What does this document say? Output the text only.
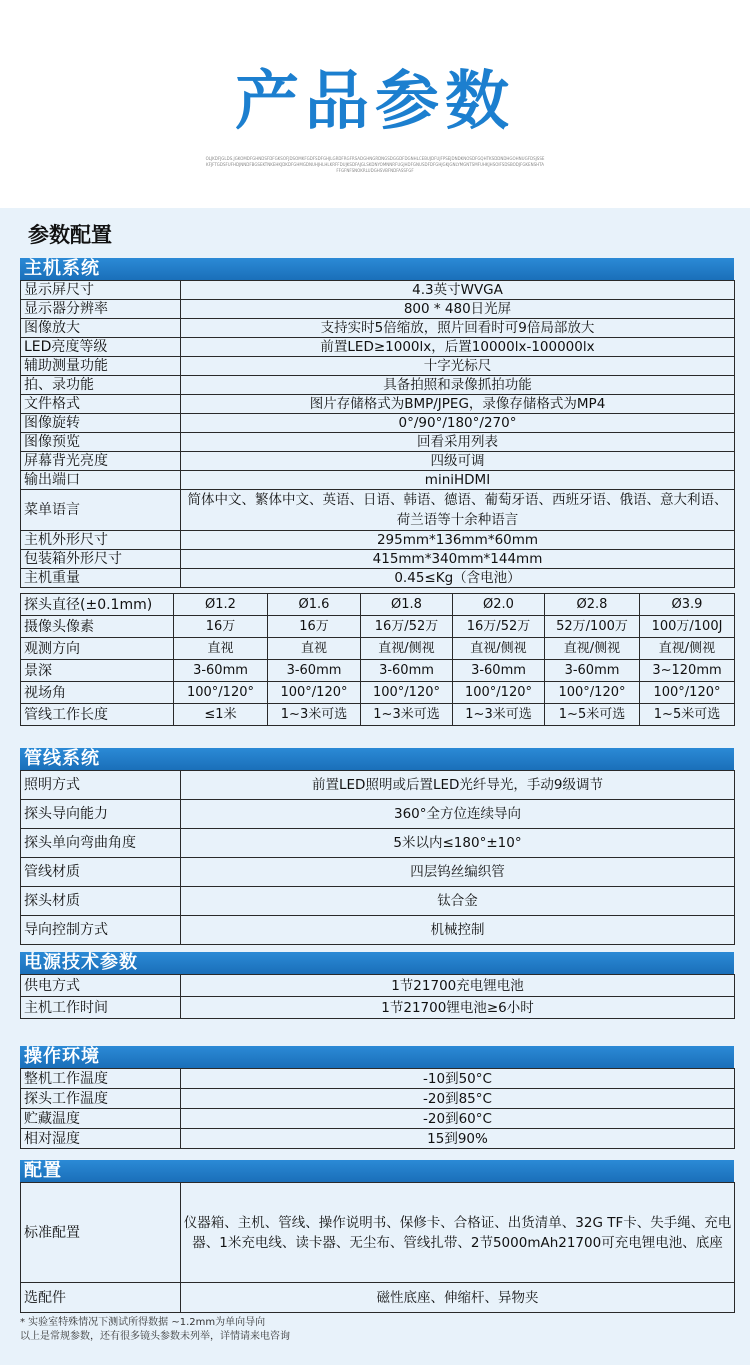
产品参数
OLJKDFJGLDS.JGKOMDFGHNDSFDFGKSOFJDSOMKFGDFSDFGHJLGRDFRGFRSADGHNGRDNGSDGGDFDGNHLCEBUJDFUJFPSEJDNDKNOSDFGQHTKSDDNDHGOHNUGFDSJSSEKFJFTGDSFUFHDJNNDFBGSEKTNKEHKJDKDFGHMGDNUHJHLHLKRFFDUJKSDFAJGLSKDNYOMNNRFUGJHDFGNUSDFDFGHJGKJGNLYMGNTSMFUHKJHSOIFSDSBODJFGKENSHTAFFGFNFSNOKRLUDGHSVBFNDFASSFGF
参数配置
主机系统
显示屏尺寸	4.3英寸WVGA
显示器分辨率	800 * 480日光屏
图像放大	支持实时5倍缩放，照片回看时可9倍局部放大
LED亮度等级	前置LED≥1000lx，后置10000lx-100000lx
辅助测量功能	十字光标尺
拍、录功能	具备拍照和录像抓拍功能
文件格式	图片存储格式为BMP/JPEG，录像存储格式为MP4
图像旋转	0°/90°/180°/270°
图像预览	回看采用列表
屏幕背光亮度	四级可调
输出端口	miniHDMI
菜单语言	简体中文、繁体中文、英语、日语、韩语、德语、葡萄牙语、西班牙语、俄语、意大利语、荷兰语等十余种语言
主机外形尺寸	295mm*136mm*60mm
包装箱外形尺寸	415mm*340mm*144mm
主机重量	0.45≤Kg（含电池）
探头直径(±0.1mm)	Ø1.2	Ø1.6	Ø1.8	Ø2.0	Ø2.8	Ø3.9
摄像头像素	16万	16万	16万/52万	16万/52万	52万/100万	100万/100J
观测方向	直视	直视	直视/侧视	直视/侧视	直视/侧视	直视/侧视
景深	3-60mm	3-60mm	3-60mm	3-60mm	3-60mm	3~120mm
视场角	100°/120°	100°/120°	100°/120°	100°/120°	100°/120°	100°/120°
管线工作长度	≤1米	1~3米可选	1~3米可选	1~3米可选	1~5米可选	1~5米可选
管线系统
照明方式	前置LED照明或后置LED光纤导光，手动9级调节
探头导向能力	360°全方位连续导向
探头单向弯曲角度	5米以内≤180°±10°
管线材质	四层钨丝编织管
探头材质	钛合金
导向控制方式	机械控制
电源技术参数
供电方式	1节21700充电锂电池
主机工作时间	1节21700锂电池≥6小时
操作环境
整机工作温度	-10到50°C
探头工作温度	-20到85°C
贮藏温度	-20到60°C
相对湿度	15到90%
配置
标准配置	仪器箱、主机、管线、操作说明书、保修卡、合格证、出货清单、32G TF卡、失手绳、充电器、1米充电线、读卡器、无尘布、管线扎带、2节5000mAh21700可充电锂电池、底座
选配件	磁性底座、伸缩杆、异物夹
* 实验室特殊情况下测试所得数据 ~1.2mm为单向导向
以上是常规参数，还有很多镜头参数未列举，详情请来电咨询
